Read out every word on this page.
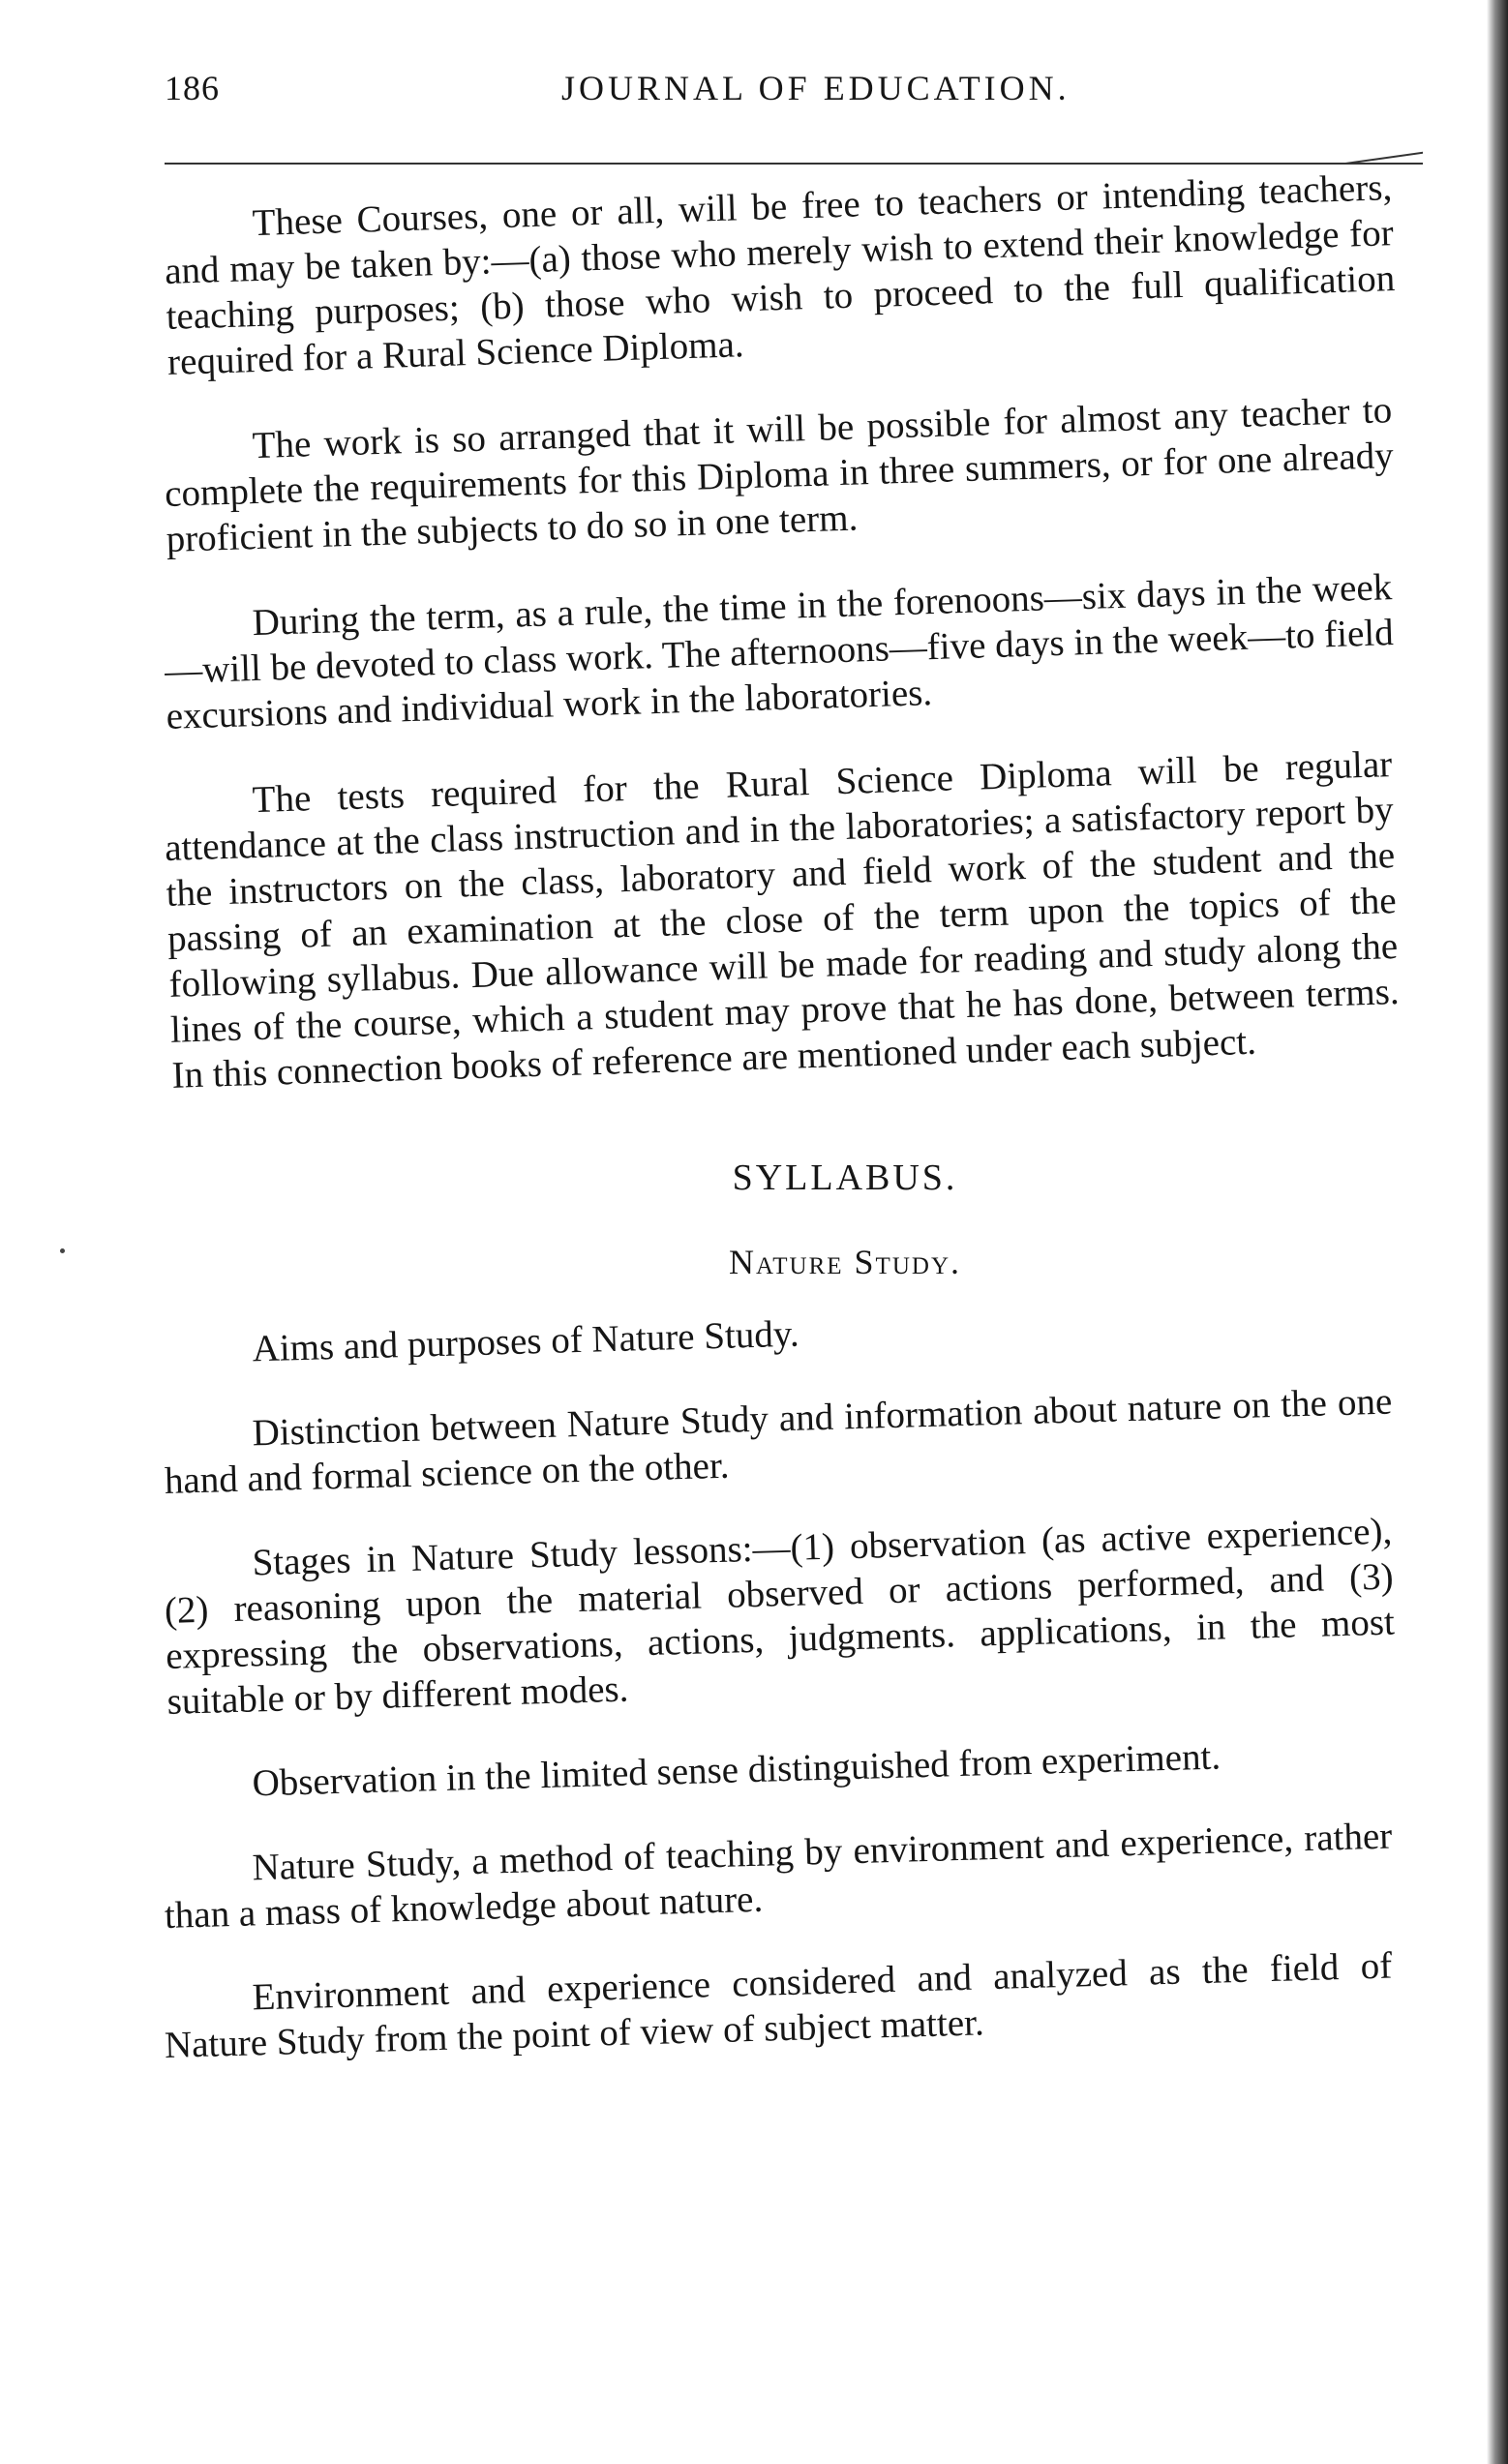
186	JOURNAL OF EDUCATION.

These Courses, one or all, will be free to teachers or intending teachers, and may be taken by:—(a) those who merely wish to extend their knowledge for teaching purposes; (b) those who wish to proceed to the full qualification required for a Rural Science Diploma.

The work is so arranged that it will be possible for almost any teacher to complete the requirements for this Diploma in three summers, or for one already proficient in the subjects to do so in one term.

During the term, as a rule, the time in the forenoons—six days in the week—will be devoted to class work. The afternoons—five days in the week—to field excursions and individual work in the laboratories.

The tests required for the Rural Science Diploma will be regular attendance at the class instruction and in the laboratories; a satisfactory report by the instructors on the class, laboratory and field work of the student and the passing of an examination at the close of the term upon the topics of the following syllabus. Due allowance will be made for reading and study along the lines of the course, which a student may prove that he has done, between terms. In this connection books of reference are mentioned under each subject.

SYLLABUS.
Nature Study.

Aims and purposes of Nature Study.

Distinction between Nature Study and information about nature on the one hand and formal science on the other.

Stages in Nature Study lessons:—(1) observation (as active experience), (2) reasoning upon the material observed or actions performed, and (3) expressing the observations, actions, judgments. applications, in the most suitable or by different modes.

Observation in the limited sense distinguished from experiment.

Nature Study, a method of teaching by environment and experience, rather than a mass of knowledge about nature.

Environment and experience considered and analyzed as the field of Nature Study from the point of view of subject matter.
